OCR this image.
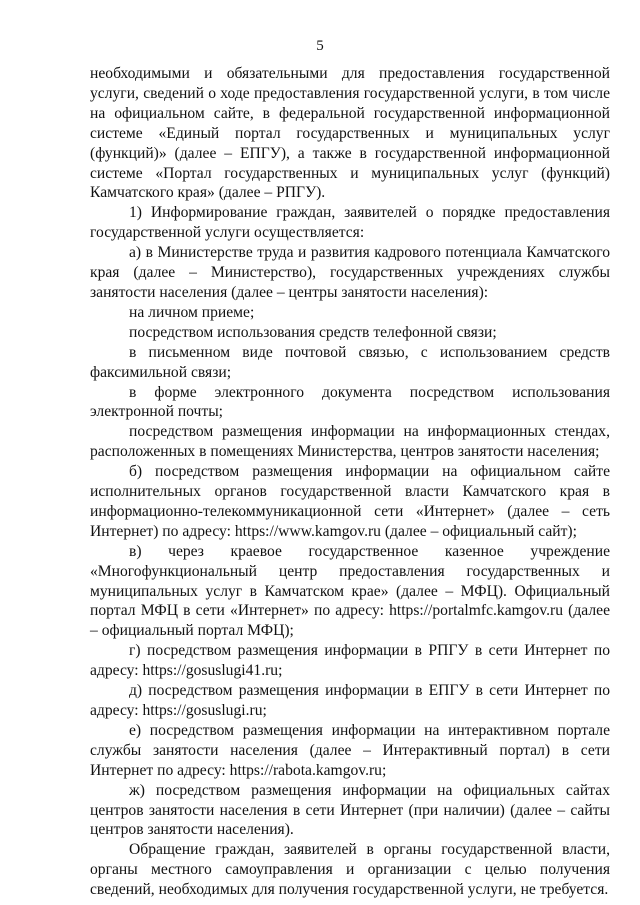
5

необходимыми и обязательными для предоставления государственной услуги, сведений о ходе предоставления государственной услуги, в том числе на официальном сайте, в федеральной государственной информационной системе «Единый портал государственных и муниципальных услуг (функций)» (далее – ЕПГУ), а также в государственной информационной системе «Портал государственных и муниципальных услуг (функций) Камчатского края» (далее – РПГУ).

1) Информирование граждан, заявителей о порядке предоставления государственной услуги осуществляется:

а) в Министерстве труда и развития кадрового потенциала Камчатского края (далее – Министерство), государственных учреждениях службы занятости населения (далее – центры занятости населения):

на личном приеме;

посредством использования средств телефонной связи;

в письменном виде почтовой связью, с использованием средств факсимильной связи;

в форме электронного документа посредством использования электронной почты;

посредством размещения информации на информационных стендах, расположенных в помещениях Министерства, центров занятости населения;

б) посредством размещения информации на официальном сайте исполнительных органов государственной власти Камчатского края в информационно-телекоммуникационной сети «Интернет» (далее – сеть Интернет) по адресу: https://www.kamgov.ru (далее – официальный сайт);

в) через краевое государственное казенное учреждение «Многофункциональный центр предоставления государственных и муниципальных услуг в Камчатском крае» (далее – МФЦ). Официальный портал МФЦ в сети «Интернет» по адресу: https://portalmfc.kamgov.ru (далее – официальный портал МФЦ);

г) посредством размещения информации в РПГУ в сети Интернет по адресу: https://gosuslugi41.ru;

д) посредством размещения информации в ЕПГУ в сети Интернет по адресу: https://gosuslugi.ru;

е) посредством размещения информации на интерактивном портале службы занятости населения (далее – Интерактивный портал) в сети Интернет по адресу: https://rabota.kamgov.ru;

ж) посредством размещения информации на официальных сайтах центров занятости населения в сети Интернет (при наличии) (далее – сайты центров занятости населения).

Обращение граждан, заявителей в органы государственной власти, органы местного самоуправления и организации с целью получения сведений, необходимых для получения государственной услуги, не требуется.
